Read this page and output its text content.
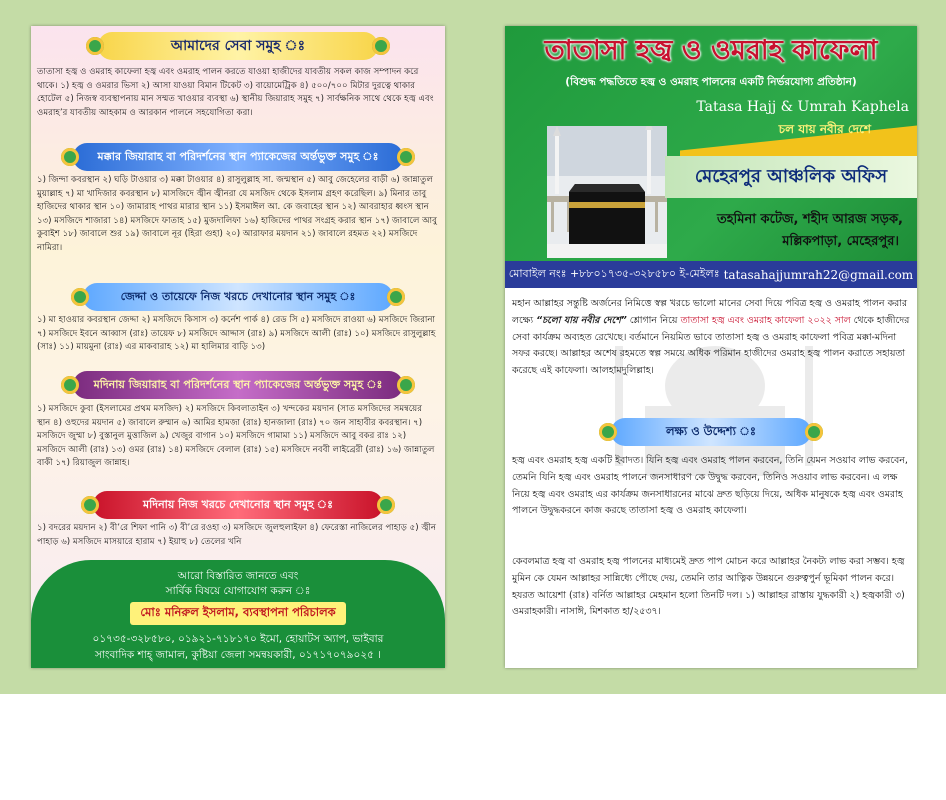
আমাদের সেবা সমুহ ঃ

তাতাসা হজ্ব ও ওমরাহ কাফেলা হজ্ব এবং ওমরাহ পালন করতে যাওয়া হাজীদের যাবতীয় সকল কাজ সম্পাদন করে থাকে। ১) হজ্ব ও ওমরার ভিসা ২) আসা যাওয়া বিমান টিকেট ৩) বায়োমেট্রিক ৪) ৫০০/৭০০ মিটার দুরত্বে থাকার হোটেল ৫) নিজস্ব ব্যবস্থাপনায় মান সম্মত খাওয়ার ব্যবস্থা ৬) স্থানীয় জিয়ারাহ সমুহ ৭) সার্বক্ষনিক সাথে থেকে হজ্ব এবং ওমরাহ’র যাবতীয় আহকাম ও আরকান পালনে সহযোগিতা করা।

মক্কার জিয়ারাহ বা পরিদর্শনের স্থান প্যাকেজের অর্ন্তভুক্ত সমুহ ঃ

১) জিন্দা কবরস্থান ২) ঘড়ি টাওয়ার ৩) মক্কা টাওয়ার ৪) রাসুলুল্লাহ সা. জন্মস্থান ৫) আবু জেহেলের বাড়ী ৬) জান্নাতুল মুয়াল্লাহ ৭) মা খাদিজার কবরস্থান ৮) মাসজিদে জ্বীন জ্বীনরা যে মসজিদ থেকে ইসলাম গ্রহণ করেছিল। ৯) মিনার তাবু হাজিদের থাকার স্থান ১০) জামারাহ পাথর মারার স্থান ১১) ইসমাঈল আ. কে জবাহের স্থান ১২) আবরাহার ধ্বংস স্থান ১৩) মসজিদে শাজারা ১৪) মসজিদে ফাতাহ ১৫) মুজদালিফা ১৬) হাজিদের পাথর সংগ্রহ করার স্থান ১৭) জাবালে আবু কুবাইশ ১৮) জাবালে শুর ১৯) জাবালে নূর (হিরা গুহা) ২০) আরাফার ময়দান ২১) জাবালে রহমত ২২) মসজিদে নামিরা।

জেদ্দা ও তায়েফে নিজ খরচে দেখানোর স্থান সমুহ ঃ

১) মা হাওয়ার কবরস্থান জেদ্দা ২) মসজিদে কিসাস ৩) কর্নেশ পার্ক ৪) রেড সি ৫) মসজিদে রাওয়া ৬) মসজিদে জিরানা ৭) মসজিদে ইবনে আব্বাস (রাঃ) তায়েফ ৮) মসজিদে আদ্দাস (রাঃ) ৯) মসজিদে আলী (রাঃ) ১০) মসজিদে রাসুলুল্লাহ (সাঃ) ১১) মায়মুনা (রাঃ) এর মাকবারাহ ১২) মা হালিমার বাড়ি ১৩)

মদিনায় জিয়ারাহ বা পরিদর্শনের স্থান প্যাকেজের অর্ন্তভুক্ত সমুহ ঃ

১) মসজিদে কুবা (ইসলামের প্রথম মসজিদ) ২) মসজিদে কিবলাতাইন ৩) খন্দকের ময়দান (সাত মসজিদের সমন্বয়ের স্থান ৪) ওহুদের ময়দান ৫) জাবালে রুম্মান ৬) আমির হামজা (রাঃ) হানজালা (রাঃ) ৭০ জন সাহাবীর কবরস্থান। ৭) মসজিদে জুম্মা ৮) বুস্তানুল মুত্তাজিল ৯) খেজুর বাগান ১০) মসজিদে গামামা ১১) মসজিদে আবু বকর রাঃ ১২) মসজিদে আলী (রাঃ) ১৩) ওমর (রাঃ) ১৪) মসজিদে বেলাল (রাঃ) ১৫) মসজিদে নববী লাইব্রেরী (রাঃ) ১৬) জান্নাতুল বাকী ১৭) রিয়াজুল জান্নাহ।

মদিনায় নিজ খরচে দেখানোর স্থান সমুহ ঃ

১) বদরের ময়দান ২) বী’রে শিফা পানি ৩) বী’রে রওহা ৩) মসজিদে জুলহুলাইফা ৪) ফেরেস্তা নাজিলের পাহাড় ৫) জ্বীন পাহাড় ৬) মসজিদে মাসয়ারে হারাম ৭) ইয়াহু ৮) তেলের খনি

আরো বিস্তারিত জানতে এবং
সার্বিক বিষয়ে যোগাযোগ করুন ঃ
মোঃ মনিরুল ইসলাম, ব্যবস্থাপনা পরিচালক
০১৭৩৫-৩২৮৫৮০, ০১৯২১-৭১৮১৭০ ইমো, হোয়াটস অ্যাপ, ভাইবার
সাংবাদিক শাহ্ জামাল, কুষ্টিয়া জেলা সমন্বয়কারী, ০১৭১৭০৭৯০২৫ ।
তাতাসা হজ্ব ও ওমরাহ কাফেলা
(বিশুদ্ধ পদ্ধতিতে হজ্ব ও ওমরাহ পালনের একটি নির্ভরযোগ্য প্রতিষ্ঠান)
Tatasa Hajj & Umrah Kaphela
চল যায় নবীর দেশে
মেহেরপুর আঞ্চলিক অফিস
তহমিনা কটেজ, শহীদ আরজ সড়ক,
মল্লিকপাড়া, মেহেরপুর।
মোবাইল নংঃ +৮৮০১৭৩৫-৩২৮৫৮০ ই-মেইলঃ tatasahajjumrah22@gmail.com

মহান আল্লাহর সন্তুষ্টি অর্জনের নিমিত্তে স্বল্প খরচে ভালো মানের সেবা দিয়ে পবিত্র হজ্ব ও ওমরাহ পালন করার লক্ষ্যে “চলো যায় নবীর দেশে” শ্লোগান নিয়ে তাতাসা হজ্ব এবং ওমরাহ কাফেলা ২০২২ সাল থেকে হাজীদের সেবা কার্যক্রম অব্যহত রেখেছে। বর্তমানে নিয়মিত ভাবে তাতাসা হজ্ব ও ওমরাহ কাফেলা পবিত্র মক্কা-মদিনা সফর করছে। আল্লাহর অশেষ রহমতে স্বল্প সময়ে অধিক পরিমান হাজীদের ওমরাহ হজ্ব পালন করাতে সহায়তা করেছে এই কাফেলা। আলহামদুলিল্লাহ।

লক্ষ্য ও উদ্দেশ্য ঃ

হজ্ব এবং ওমরাহ হজ্ব একটি ইবাদত। যিনি হজ্ব এবং ওমরাহ পালন করবেন, তিনি যেমন সওয়াব লাভ করবেন, তেমনি যিনি হজ্ব এবং ওমরাহ পালনে জনসাধারণ কে উদ্বুদ্ধ করবেন, তিনিও সওয়াব লাভ করবেন। এ লক্ষ নিয়ে হজ্ব এবং ওমরাহ এর কার্যক্রম জনসাধারনের মাঝে দ্রুত ছড়িয়ে দিয়ে, অধিক মানুষকে হজ্ব এবং ওমরাহ পালনে উদ্বুদ্ধকরনে কাজ করছে তাতাসা হজ্ব ও ওমরাহ কাফেলা।

কেবলমাত্র হজ্ব বা ওমরাহ হজ্ব পালনের মাধ্যমেই দ্রুত পাপ মোচন করে আল্লাহর নৈকট্য লাভ করা সম্ভব। হজ্ব মুমিন কে যেমন আল্লাহর সান্নিধ্যে পৌছে দেয়, তেমনি তার আত্নিক উন্নয়নে গুরুত্বপুর্ন ভূমিকা পালন করে। হযরত আয়েশা (রাঃ) বর্নিত আল্লাহর মেহমান হলো তিনটি দল। ১) আল্লাহর রাস্তায় যুদ্ধকারী ২) হজ্বকারী ৩) ওমরাহকারী। নাসাঈ, মিশকাত হা/২৫৩৭।
